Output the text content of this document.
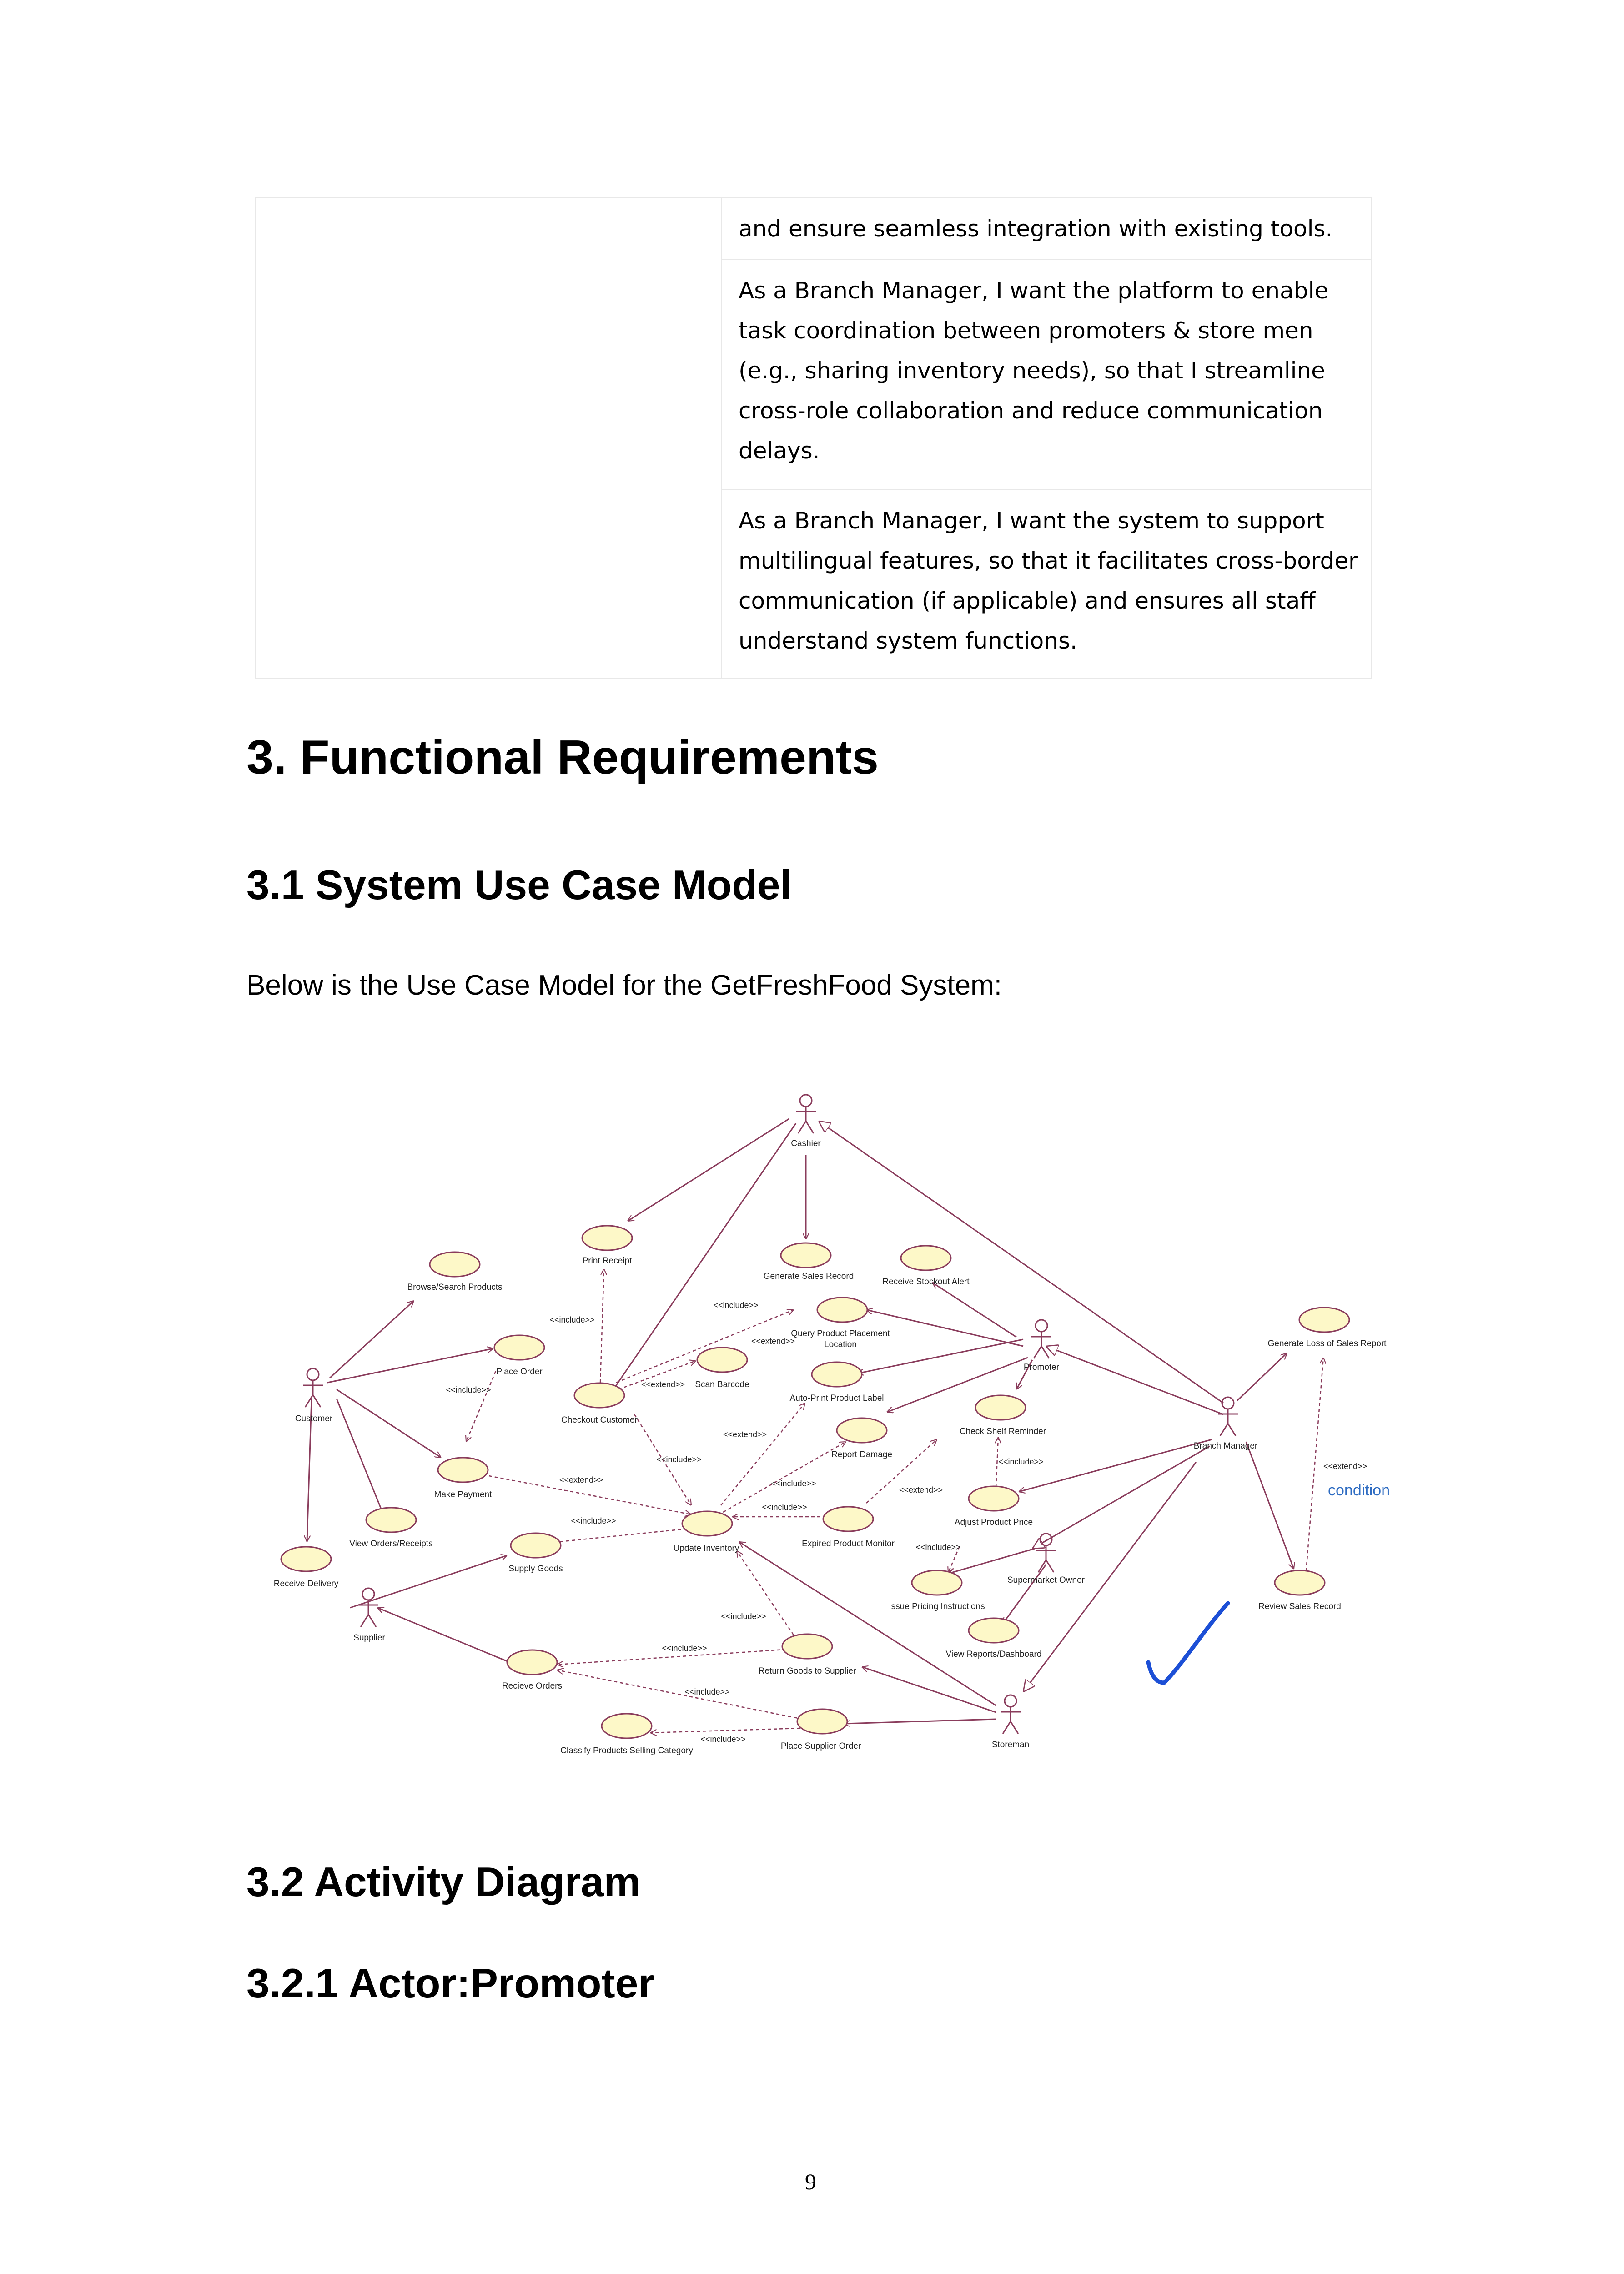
and ensure seamless integration with existing tools.
As a Branch Manager, I want the platform to enable
task coordination between promoters & store men
(e.g., sharing inventory needs), so that I streamline
cross-role collaboration and reduce communication
delays.
As a Branch Manager, I want the system to support
multilingual features, so that it facilitates cross-border
communication (if applicable) and ensures all staff
understand system functions.
3. Functional Requirements
3.1 System Use Case Model
Below is the Use Case Model for the GetFreshFood System:
Cashier
Customer
Promoter
Branch Manager
Supermarket Owner
Supplier
Storeman
Print Receipt
Browse/Search Products
Generate Sales Record
Receive Stockout Alert
Query Product Placement
Location
Scan Barcode
Place Order
Checkout Customer
Auto-Print Product Label
Report Damage
Check Shelf Reminder
Make Payment
Update Inventory	Expired Product Monitor
Adjust Product Price
View Orders/Receipts
Receive Delivery
Supply Goods
Issue Pricing Instructions
View Reports/Dashboard
Return Goods to Supplier
Recieve Orders
Classify Products Selling Category	Place Supplier Order
Generate Loss of Sales Report
Review Sales Record
<<include>>
<<include>>
<<extend>>
<<include>>
<<extend>>
<<extend>>
<<include>>
<<extend>>	<<include>>
<<extend>>
<<include>>
<<include>>
<<include>>
<<include>>
<<include>>
<<include>>
<<include>>
<<include>>
<<extend>>
condition
3.2 Activity Diagram
3.2.1 Actor:Promoter
9
